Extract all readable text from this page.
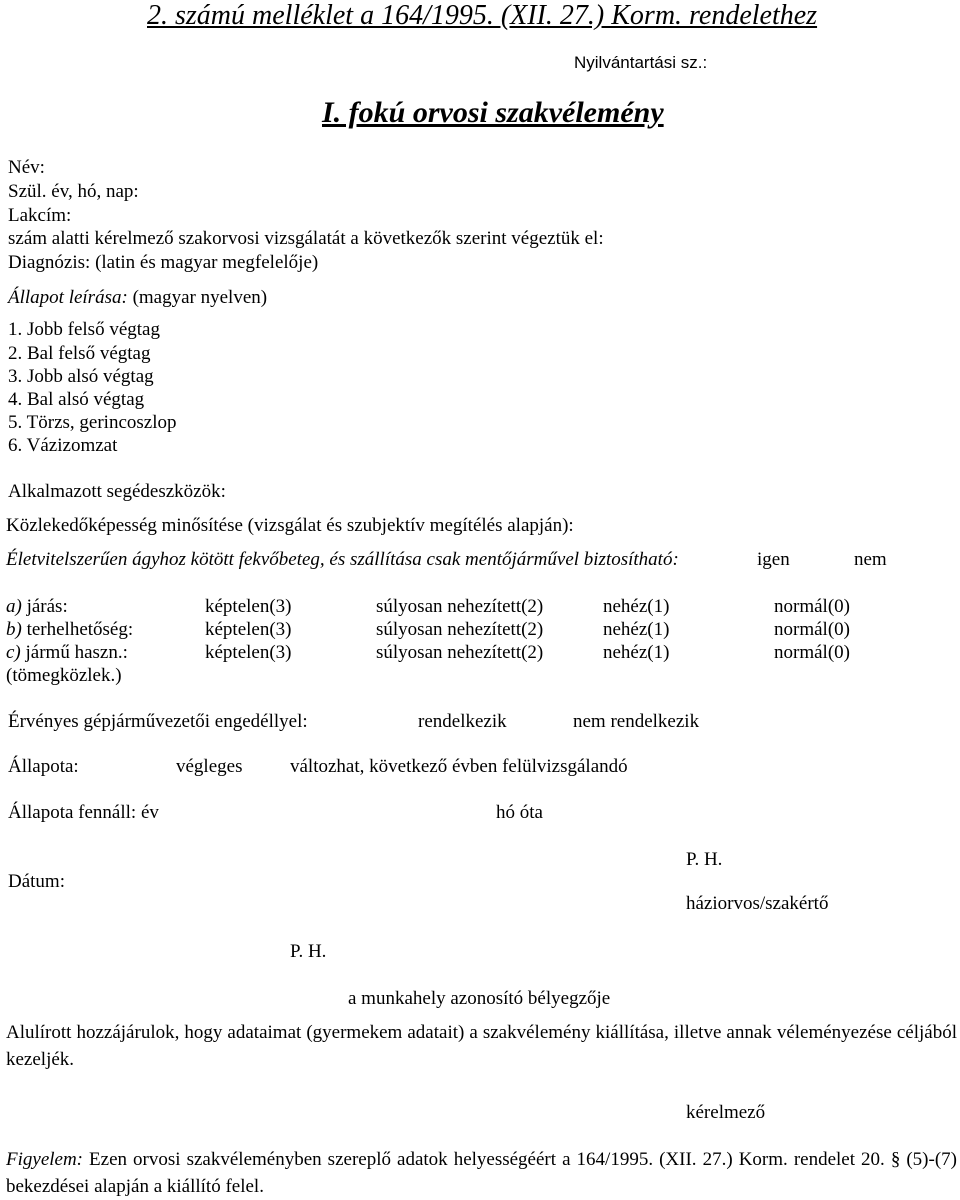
2. számú melléklet a 164/1995. (XII. 27.) Korm. rendelethez
Nyilvántartási sz.:
I. fokú orvosi szakvélemény
Név:
Szül. év, hó, nap:
Lakcím:
szám alatti kérelmező szakorvosi vizsgálatát a következők szerint végeztük el:
Diagnózis: (latin és magyar megfelelője)
Állapot leírása: (magyar nyelven)
1. Jobb felső végtag
2. Bal felső végtag
3. Jobb alsó végtag
4. Bal alsó végtag
5. Törzs, gerincoszlop
6. Vázizomzat
Alkalmazott segédeszközök:
Közlekedőképesség minősítése (vizsgálat és szubjektív megítélés alapján):
Életvitelszerűen ágyhoz kötött fekvőbeteg, és szállítása csak mentőjárművel biztosítható:	igen	nem
a) járás:	képtelen(3)	súlyosan nehezített(2)	nehéz(1)	normál(0)
b) terhelhetőség:	képtelen(3)	súlyosan nehezített(2)	nehéz(1)	normál(0)
c) jármű haszn.:	képtelen(3)	súlyosan nehezített(2)	nehéz(1)	normál(0)
(tömegközlek.)
Érvényes gépjárművezetői engedéllyel:	rendelkezik	nem rendelkezik
Állapota:	végleges	változhat, következő évben felülvizsgálandó
Állapota fennáll: év	hó óta
P. H.
Dátum:
háziorvos/szakértő
P. H.
a munkahely azonosító bélyegzője
Alulírott hozzájárulok, hogy adataimat (gyermekem adatait) a szakvélemény kiállítása, illetve annak véleményezése céljából kezeljék.
kérelmező
Figyelem: Ezen orvosi szakvéleményben szereplő adatok helyességéért a 164/1995. (XII. 27.) Korm. rendelet 20. § (5)-(7) bekezdései alapján a kiállító felel.
